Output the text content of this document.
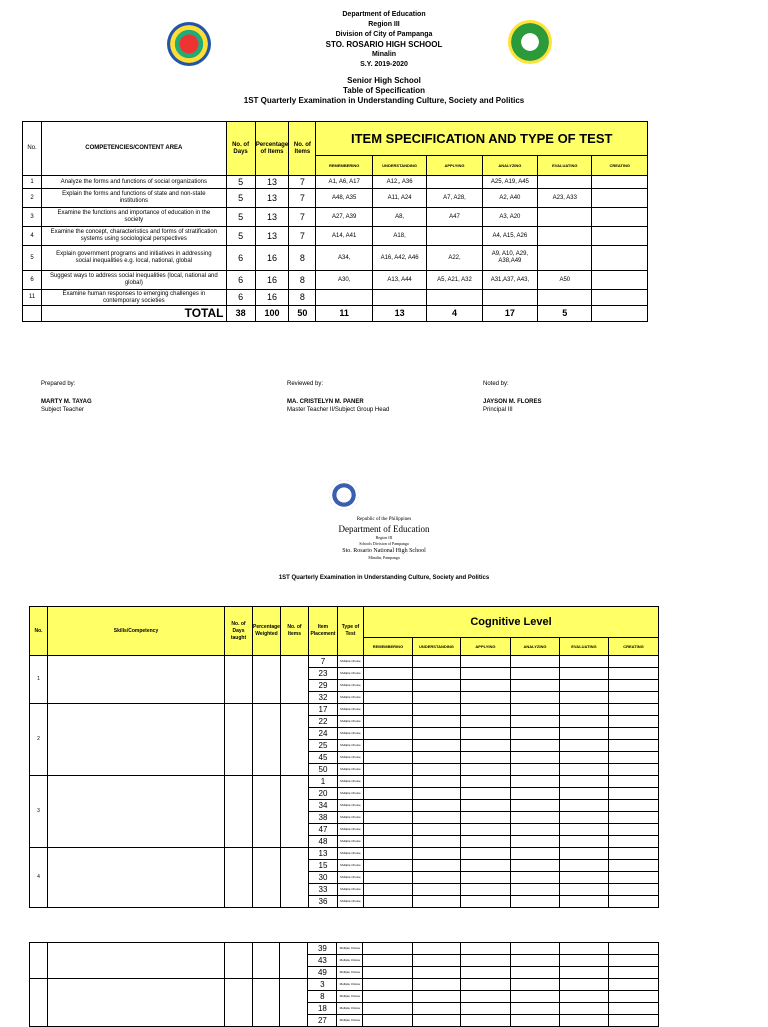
Department of Education
Region III
Division of City of Pampanga
STO. ROSARIO HIGH SCHOOL
Minalin
S.Y. 2019-2020
Senior High School
Table of Specification
1ST Quarterly Examination in Understanding Culture, Society and Politics
No.	COMPETENCIES/CONTENT AREA	No. of Days	Percentage of Items	No. of Items	ITEM SPECIFICATION AND TYPE OF TEST					
					REMEMBERING	UNDERSTANDING	APPLYING	ANALYZING	EVALUATING	CREATING
1	Analyze the forms and functions of social organizations	5	13	7	A1, A6, A17	A12,, A36		A25, A19, A45		
2	Explain the forms and functions of state and non-state institutions	5	13	7	A48, A35	A11, A24	A7, A28,	A2, A40	A23, A33	
3	Examine the functions and importance of education in the society	5	13	7	A27, A39	A8,	A47	A3, A20		
4	Examine the concept, characteristics and forms of stratification systems using sociological perspectives	5	13	7	A14, A41	A18,		A4, A15, A26		
5	Explain government programs and initiatives in addressing social inequalities e.g. local, national, global	6	16	8	A34,	A16, A42, A46	A22,	A9, A10, A29, A38,A49		
6	Suggest ways to address social inequalities (local, national and global)	6	16	8	A30,	A13, A44	A5, A21, A32	A31,A37, A43,	A50	
11	Examine human responses to emerging challenges in contemporary societies	6	16	8						
	TOTAL	38	100	50	11	13	4	17	5	
Prepared by:
MARTY M. TAYAG
Subject Teacher
Reviewed by:
MA. CRISTELYN M. PANER
Master Teacher II/Subject Group Head
Noted by:
JAYSON M. FLORES
Principal III
Republic of the Philippines
Department of Education
Region III
Schools Division of Pampanga
Sto. Rosario National High School
Minalin, Pampanga
1ST Quarterly Examination in Understanding Culture, Society and Politics
No.	Skills/Competency	No. of Days taught	Percentage Weighted	No. of Items	Item Placement	Type of Test	Cognitive Level					
							REMEMBERING	UNDERSTANDING	APPLYING	ANALYZING	EVALUATING	CREATING
1					7	Multiple Choice						
					23	Multiple Choice						
					29	Multiple Choice						
					32	Multiple Choice						
2					17	Multiple Choice						
					22	Multiple Choice						
					24	Multiple Choice						
					25	Multiple Choice						
					45	Multiple Choice						
					50	Multiple Choice						
3					1	Multiple Choice						
					20	Multiple Choice						
					34	Multiple Choice						
					38	Multiple Choice						
					47	Multiple Choice						
					48	Multiple Choice						
4					13	Multiple Choice						
					15	Multiple Choice						
					30	Multiple Choice						
					33	Multiple Choice						
					36	Multiple Choice						
					39	Multiple Choice						
					43	Multiple Choice						
					49	Multiple Choice						
					3	Multiple Choice						
					8	Multiple Choice						
					18	Multiple Choice						
					27	Multiple Choice						
